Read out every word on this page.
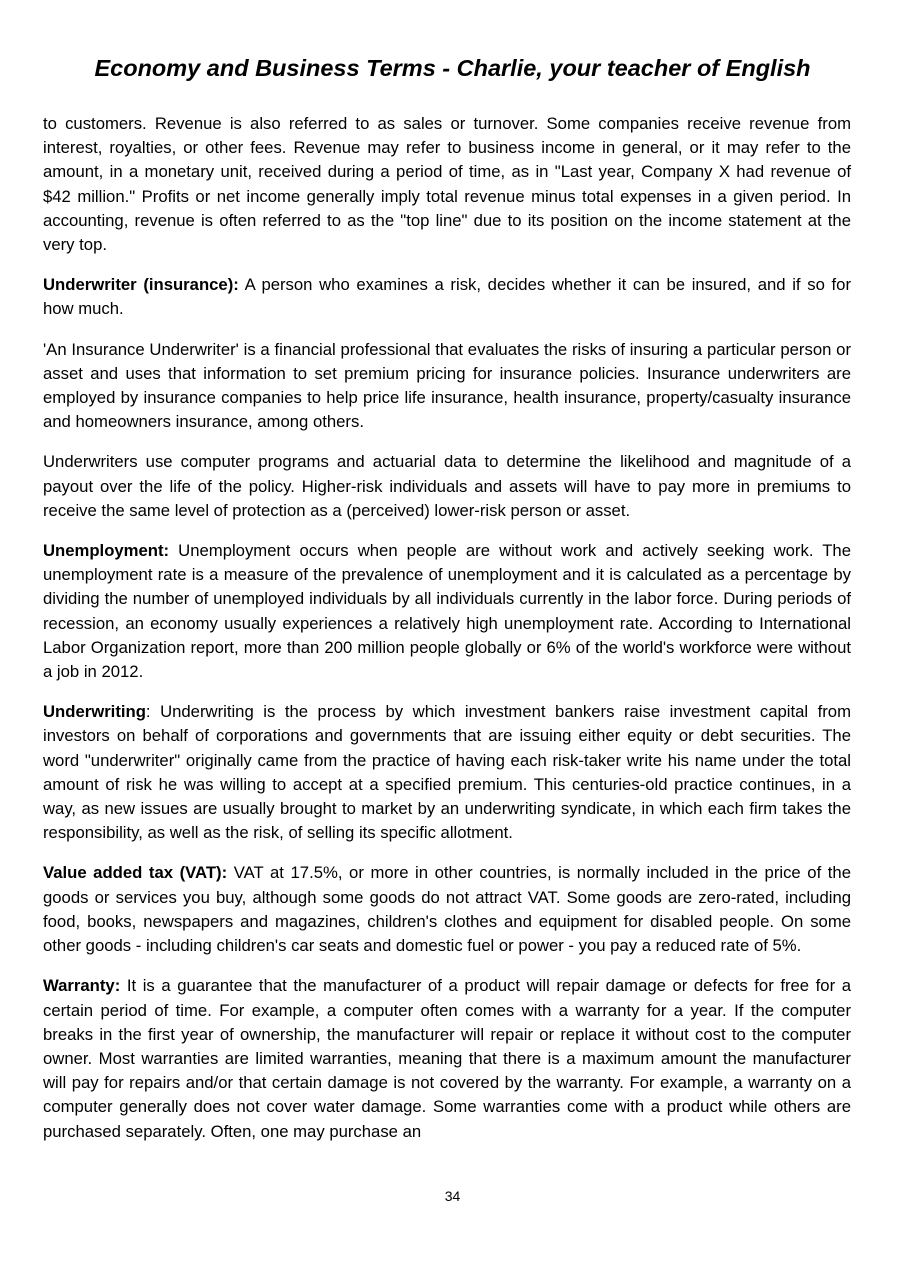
Economy and Business Terms - Charlie, your teacher of English

to customers. Revenue is also referred to as sales or turnover. Some companies receive revenue from interest, royalties, or other fees. Revenue may refer to business income in general, or it may refer to the amount, in a monetary unit, received during a period of time, as in "Last year, Company X had revenue of $42 million." Profits or net income generally imply total revenue minus total expenses in a given period. In accounting, revenue is often referred to as the "top line" due to its position on the income statement at the very top.

Underwriter (insurance): A person who examines a risk, decides whether it can be insured, and if so for how much.

'An Insurance Underwriter' is a financial professional that evaluates the risks of insuring a particular person or asset and uses that information to set premium pricing for insurance policies. Insurance underwriters are employed by insurance companies to help price life insurance, health insurance, property/casualty insurance and homeowners insurance, among others.

Underwriters use computer programs and actuarial data to determine the likelihood and magnitude of a payout over the life of the policy. Higher-risk individuals and assets will have to pay more in premiums to receive the same level of protection as a (perceived) lower-risk person or asset.

Unemployment: Unemployment occurs when people are without work and actively seeking work. The unemployment rate is a measure of the prevalence of unemployment and it is calculated as a percentage by dividing the number of unemployed individuals by all individuals currently in the labor force. During periods of recession, an economy usually experiences a relatively high unemployment rate. According to International Labor Organization report, more than 200 million people globally or 6% of the world's workforce were without a job in 2012.

Underwriting: Underwriting is the process by which investment bankers raise investment capital from investors on behalf of corporations and governments that are issuing either equity or debt securities. The word "underwriter" originally came from the practice of having each risk-taker write his name under the total amount of risk he was willing to accept at a specified premium. This centuries-old practice continues, in a way, as new issues are usually brought to market by an underwriting syndicate, in which each firm takes the responsibility, as well as the risk, of selling its specific allotment.

Value added tax (VAT): VAT at 17.5%, or more in other countries, is normally included in the price of the goods or services you buy, although some goods do not attract VAT. Some goods are zero-rated, including food, books, newspapers and magazines, children's clothes and equipment for disabled people. On some other goods - including children's car seats and domestic fuel or power - you pay a reduced rate of 5%.

Warranty: It is a guarantee that the manufacturer of a product will repair damage or defects for free for a certain period of time. For example, a computer often comes with a warranty for a year. If the computer breaks in the first year of ownership, the manufacturer will repair or replace it without cost to the computer owner. Most warranties are limited warranties, meaning that there is a maximum amount the manufacturer will pay for repairs and/or that certain damage is not covered by the warranty. For example, a warranty on a computer generally does not cover water damage. Some warranties come with a product while others are purchased separately. Often, one may purchase an

34
